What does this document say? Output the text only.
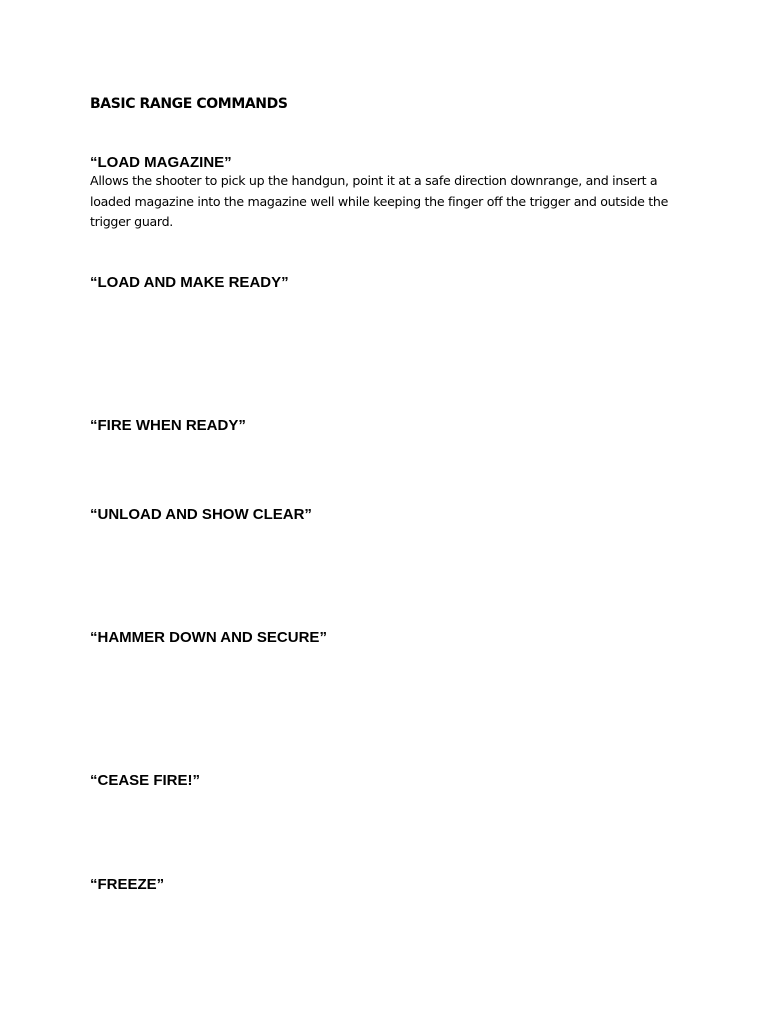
BASIC RANGE COMMANDS
“LOAD MAGAZINE”

Allows the shooter to pick up the handgun, point it at a safe direction downrange, and insert a loaded magazine into the magazine well while keeping the finger off the trigger and outside the trigger guard.

“LOAD AND MAKE READY”
“FIRE WHEN READY”
“UNLOAD AND SHOW CLEAR”
“HAMMER DOWN AND SECURE”
“CEASE FIRE!”
“FREEZE”
